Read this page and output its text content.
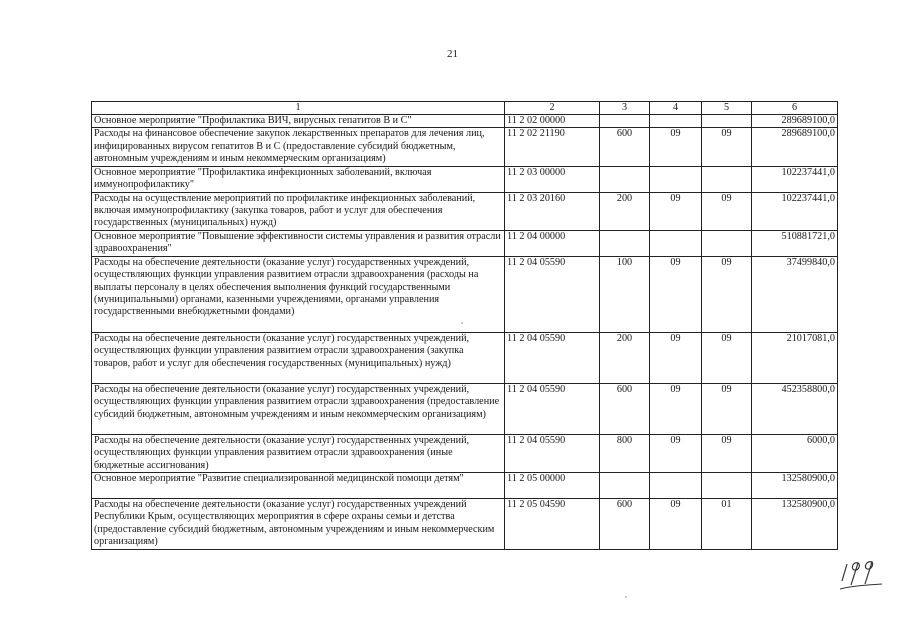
21
1	2	3	4	5	6
Основное мероприятие "Профилактика ВИЧ, вирусных гепатитов В и С"	11 2 02 00000				289689100,0
Расходы на финансовое обеспечение закупок лекарственных препаратов для лечения лиц, инфицированных вирусом гепатитов В и С (предоставление субсидий бюджетным, автономным учреждениям и иным некоммерческим организациям)	11 2 02 21190	600	09	09	289689100,0
Основное мероприятие "Профилактика инфекционных заболеваний, включая иммунопрофилактику"	11 2 03 00000				102237441,0
Расходы на осуществление мероприятий по профилактике инфекционных заболеваний, включая иммунопрофилактику (закупка товаров, работ и услуг для обеспечения государственных (муниципальных) нужд)	11 2 03 20160	200	09	09	102237441,0
Основное мероприятие "Повышение эффективности системы управления и развития отрасли здравоохранения"	11 2 04 00000				510881721,0
Расходы на обеспечение деятельности (оказание услуг) государственных учреждений, осуществляющих функции управления развитием отрасли здравоохранения (расходы на выплаты персоналу в целях обеспечения выполнения функций государственными (муниципальными) органами, казенными учреждениями, органами управления государственными внебюджетными фондами)	11 2 04 05590	100	09	09	37499840,0
Расходы на обеспечение деятельности (оказание услуг) государственных учреждений, осуществляющих функции управления развитием отрасли здравоохранения (закупка товаров, работ и услуг для обеспечения государственных (муниципальных) нужд)	11 2 04 05590	200	09	09	21017081,0
Расходы на обеспечение деятельности (оказание услуг) государственных учреждений, осуществляющих функции управления развитием отрасли здравоохранения (предоставление субсидий бюджетным, автономным учреждениям и иным некоммерческим организациям)	11 2 04 05590	600	09	09	452358800,0
Расходы на обеспечение деятельности (оказание услуг) государственных учреждений, осуществляющих функции управления развитием отрасли здравоохранения (иные бюджетные ассигнования)	11 2 04 05590	800	09	09	6000,0
Основное мероприятие "Развитие специализированной медицинской помощи детям"	11 2 05 00000				132580900,0
Расходы на обеспечение деятельности (оказание услуг) государственных учреждений Республики Крым, осуществляющих мероприятия в сфере охраны семьи и детства (предоставление субсидий бюджетным, автономным учреждениям и иным некоммерческим организациям)	11 2 05 04590	600	09	01	132580900,0
